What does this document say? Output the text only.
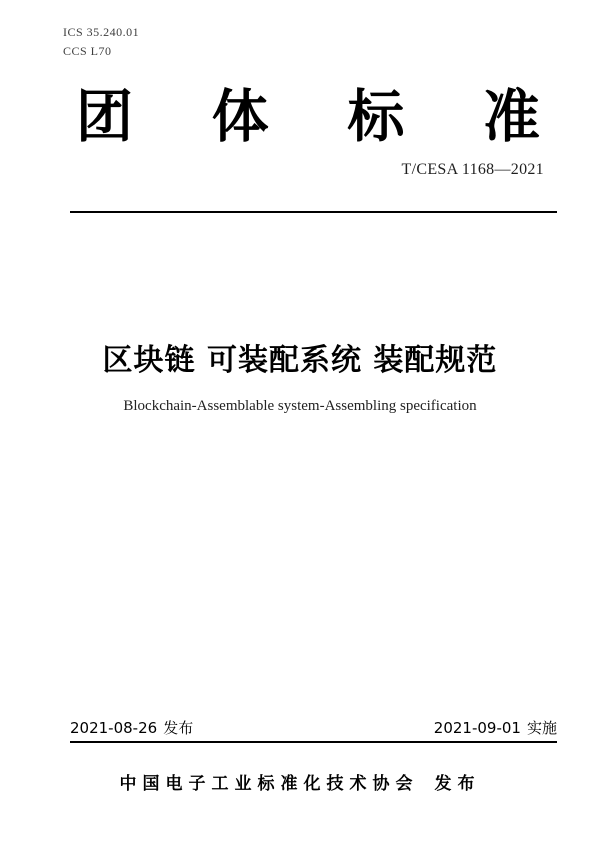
ICS 35.240.01
CCS L70
团 体 标 准
T/CESA 1168—2021
区块链 可装配系统 装配规范
Blockchain-Assemblable system-Assembling specification
2021-08-26 发布	2021-09-01 实施
中国电子工业标准化技术协会 发布
